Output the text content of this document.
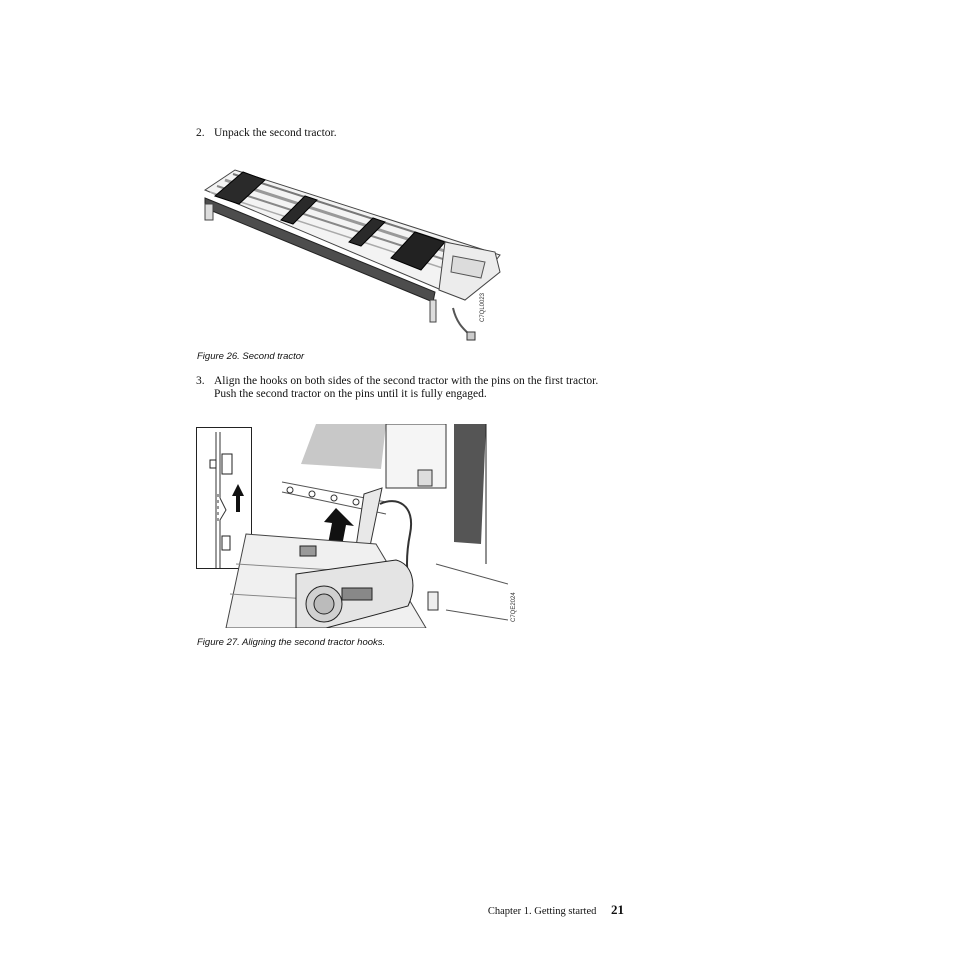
2. Unpack the second tractor.
C7QL0023
Figure 26. Second tractor
3. Align the hooks on both sides of the second tractor with the pins on the first tractor. Push the second tractor on the pins until it is fully engaged.
C7QE2024
Figure 27. Aligning the second tractor hooks.
Chapter 1. Getting started 21
